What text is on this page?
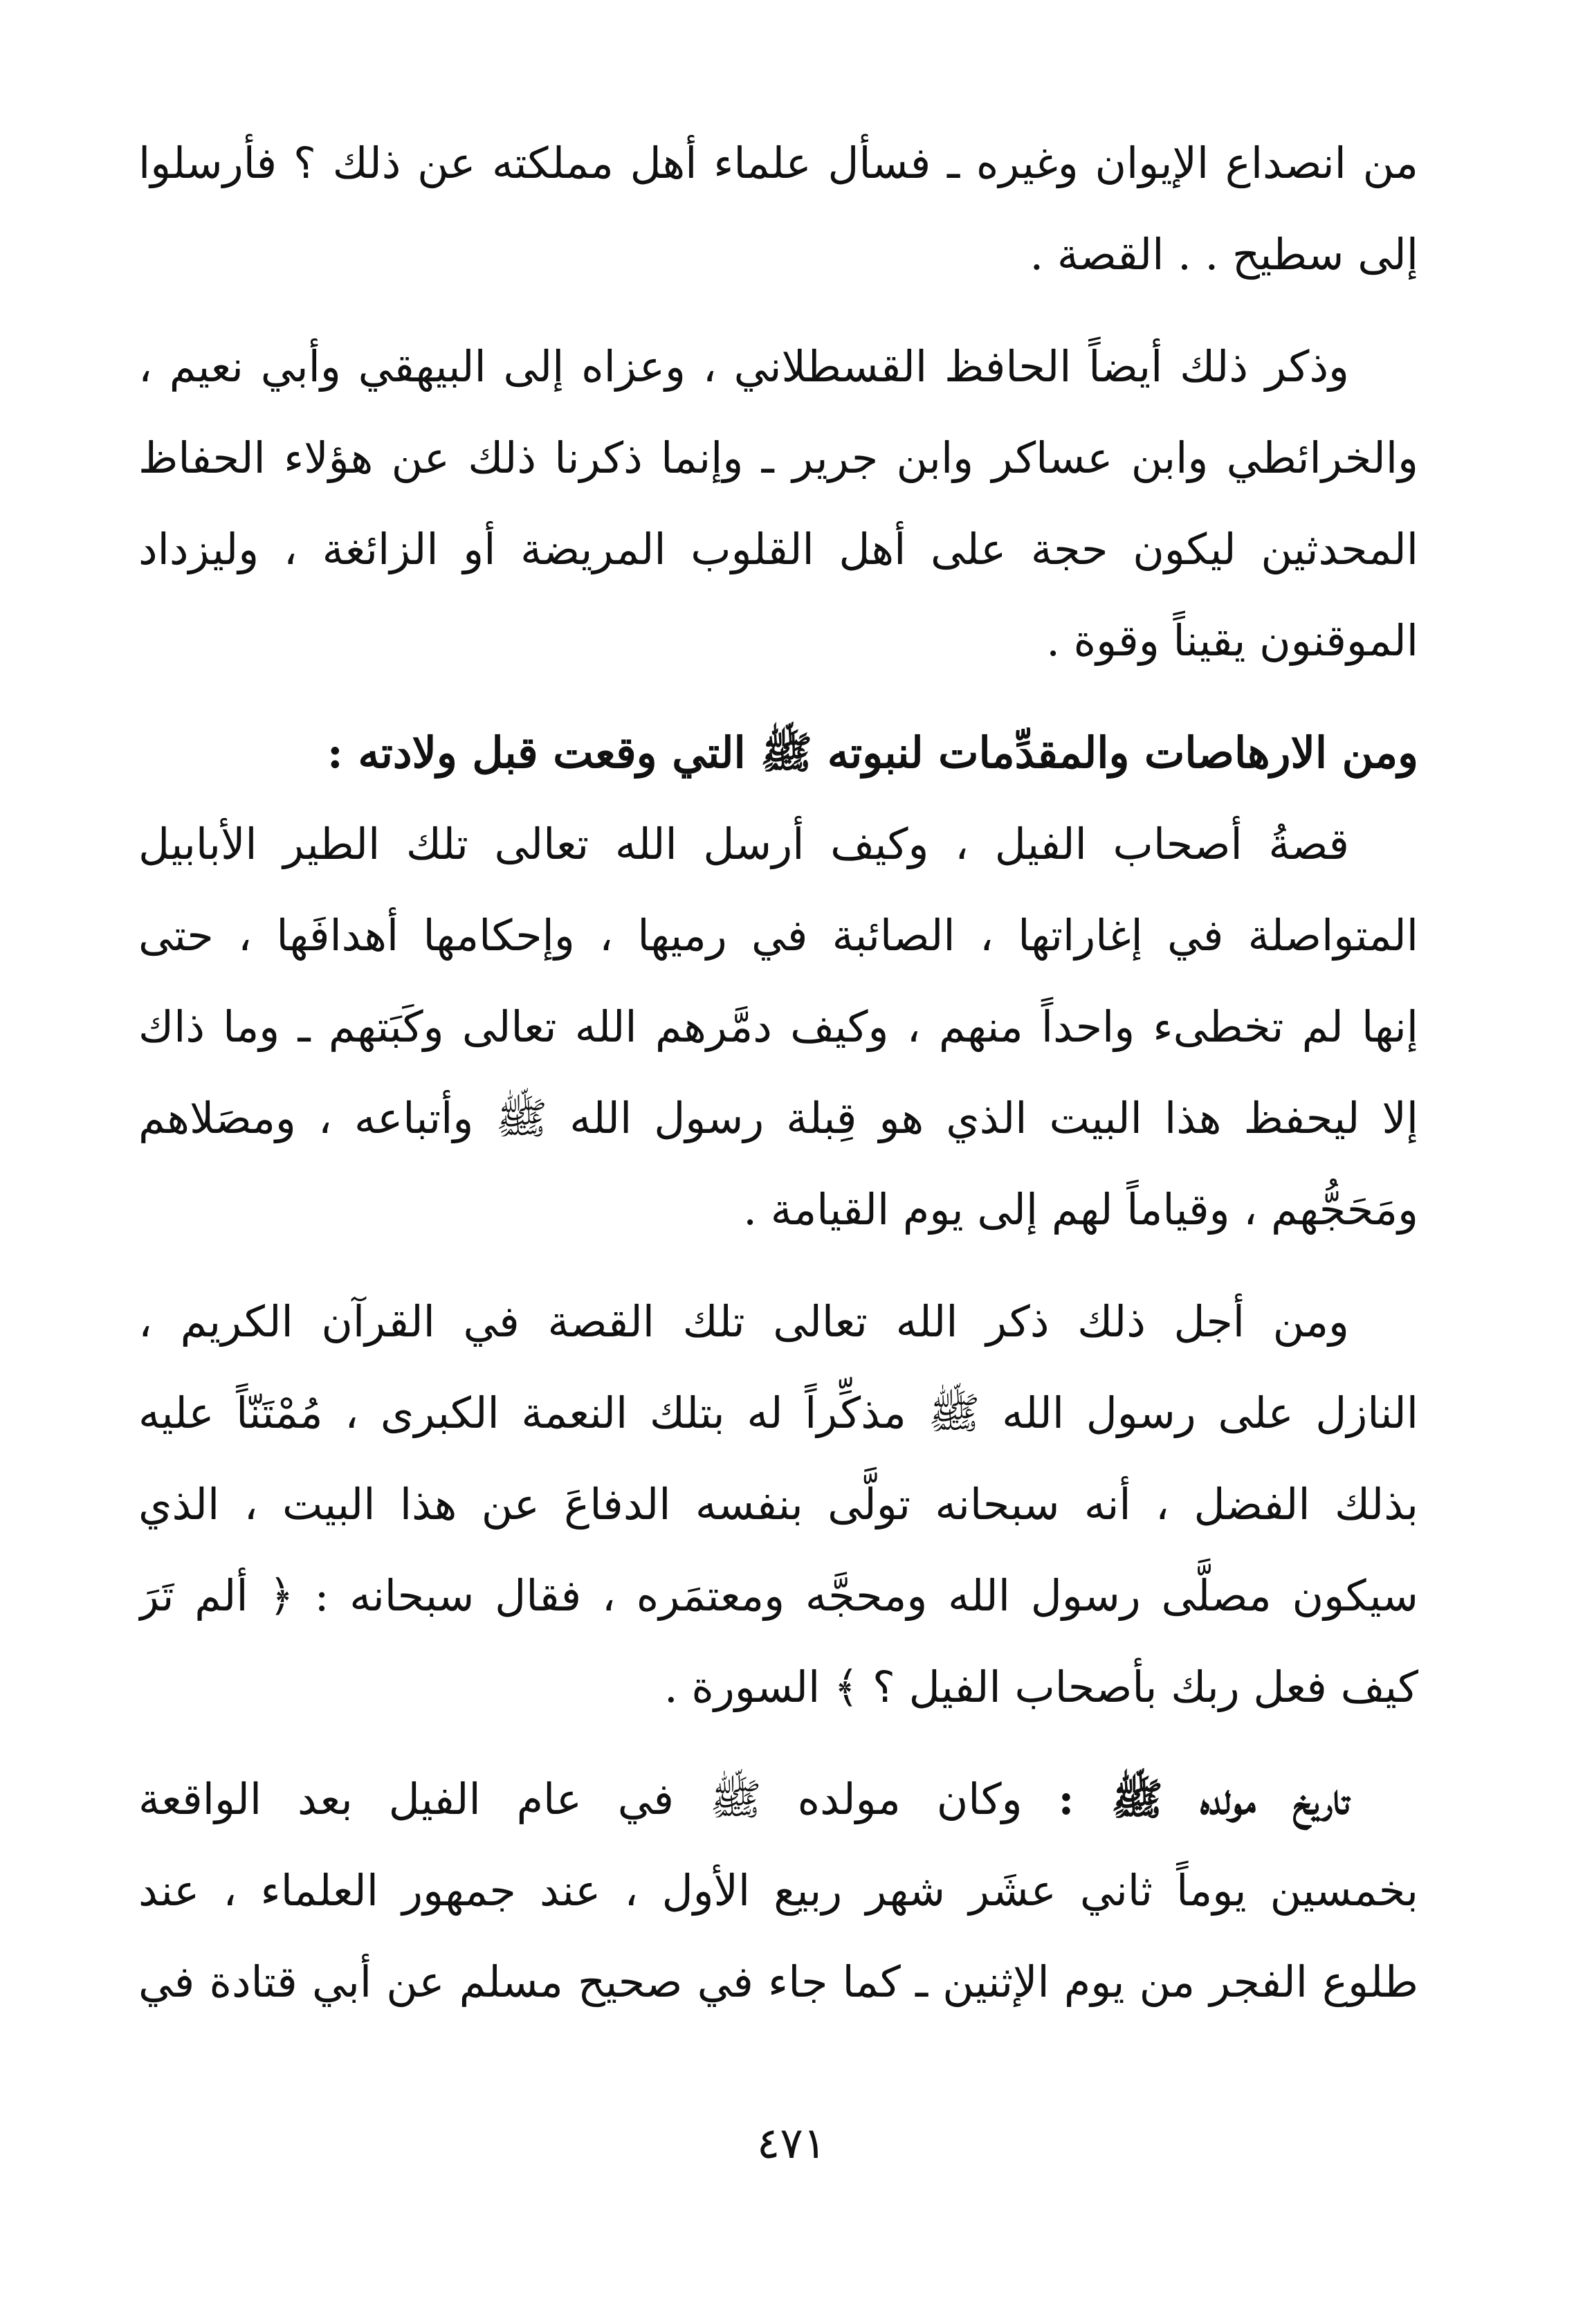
من انصداع الإيوان وغيره ـ فسأل علماء أهل مملكته عن ذلك ؟ فأرسلوا
إلى سطيح . . القصة .
وذكر ذلك أيضاً الحافظ القسطلاني ، وعزاه إلى البيهقي وأبي نعيم ،
والخرائطي وابن عساكر وابن جرير ـ وإنما ذكرنا ذلك عن هؤلاء الحفاظ
المحدثين ليكون حجة على أهل القلوب المريضة أو الزائغة ، وليزداد
الموقنون يقيناً وقوة .
ومن الارهاصات والمقدِّمات لنبوته ﷺ التي وقعت قبل ولادته :
قصةُ أصحاب الفيل ، وكيف أرسل الله تعالى تلك الطير الأبابيل
المتواصلة في إغاراتها ، الصائبة في رميها ، وإحكامها أهدافَها ، حتى
إنها لم تخطىء واحداً منهم ، وكيف دمَّرهم الله تعالى وكَبَتهم ـ وما ذاك
إلا ليحفظ هذا البيت الذي هو قِبلة رسول الله ﷺ وأتباعه ، ومصَلاهم
ومَحَجُّهم ، وقياماً لهم إلى يوم القيامة .
ومن أجل ذلك ذكر الله تعالى تلك القصة في القرآن الكريم ،
النازل على رسول الله ﷺ مذكِّراً له بتلك النعمة الكبرى ، مُمْتَنّاً عليه
بذلك الفضل ، أنه سبحانه تولَّى بنفسه الدفاعَ عن هذا البيت ، الذي
سيكون مصلَّى رسول الله ومحجَّه ومعتمَره ، فقال سبحانه : ﴿ ألم تَرَ
كيف فعل ربك بأصحاب الفيل ؟ ﴾ السورة .
تاريخ مولده ﷺ : وكان مولده ﷺ في عام الفيل بعد الواقعة
بخمسين يوماً ثاني عشَر شهر ربيع الأول ، عند جمهور العلماء ، عند
طلوع الفجر من يوم الإثنين ـ كما جاء في صحيح مسلم عن أبي قتادة في
٤٧١
